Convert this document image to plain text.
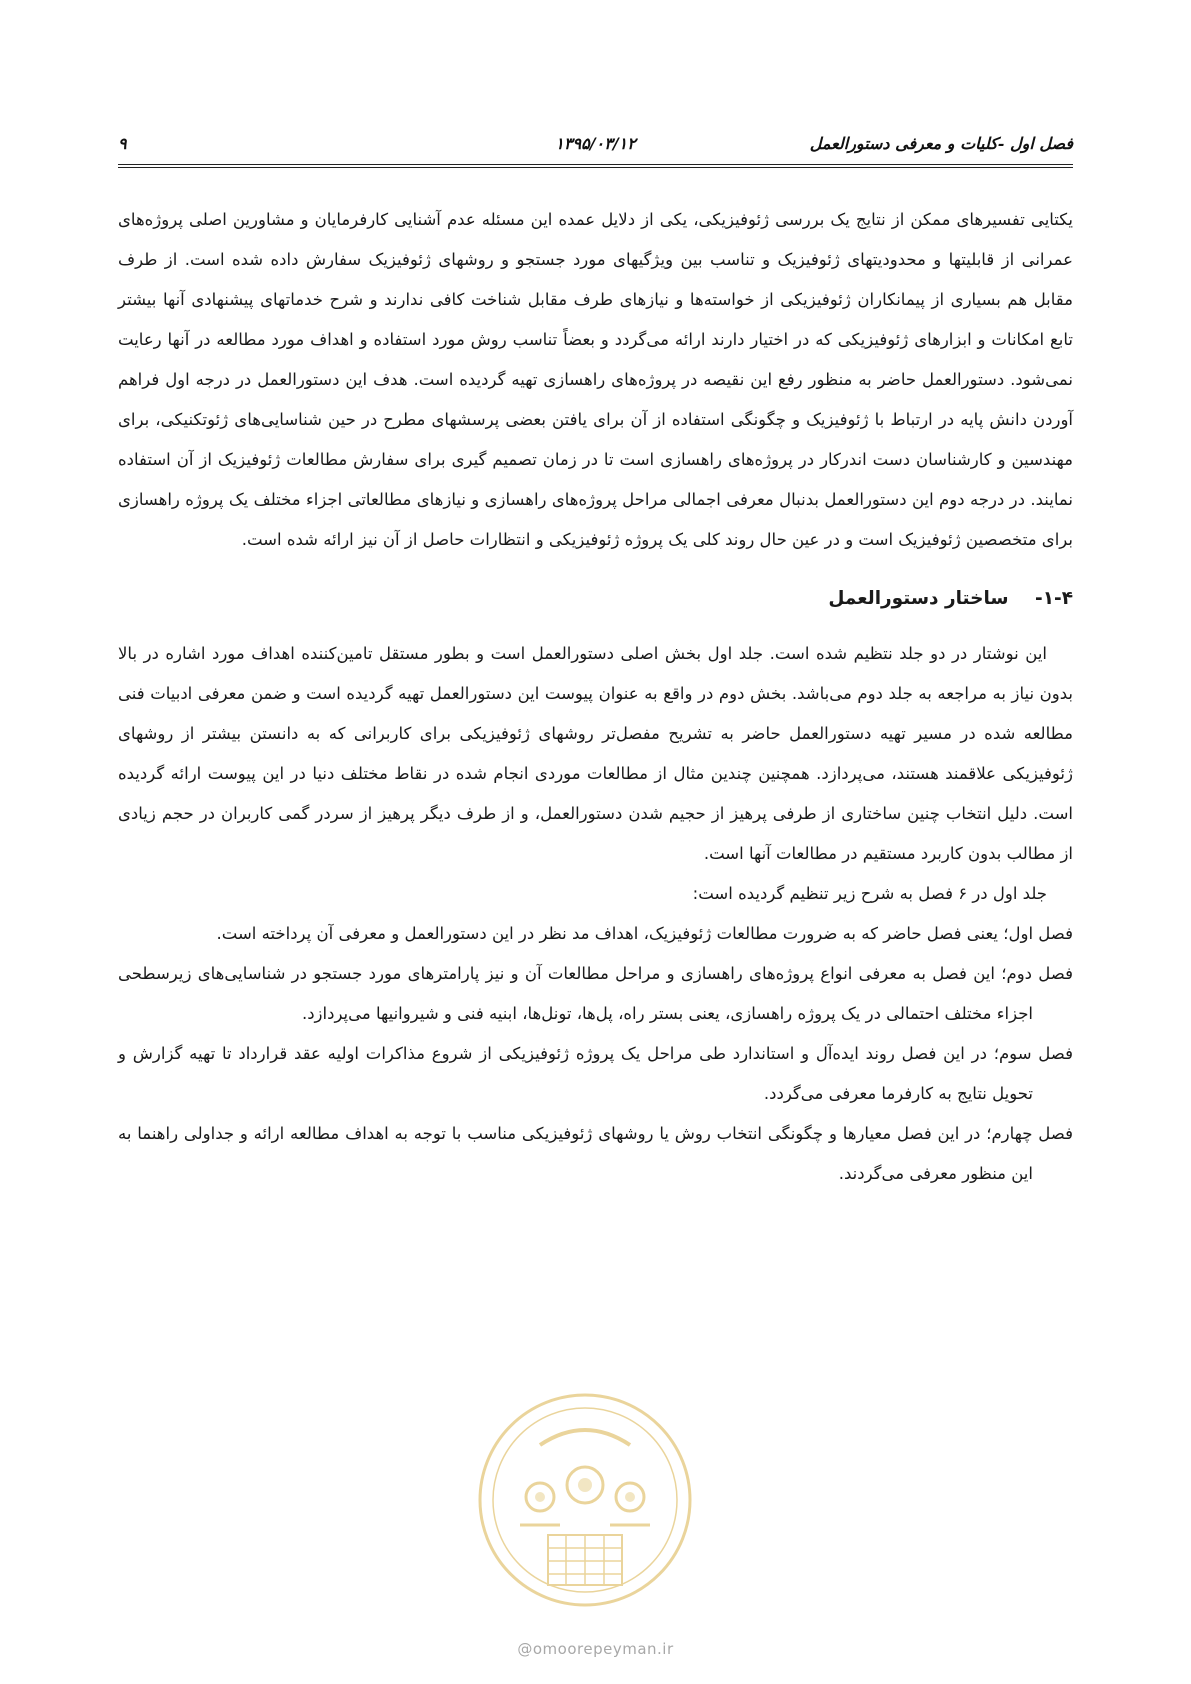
فصل اول -کلیات و معرفی دستورالعمل
۱۳۹۵/۰۳/۱۲
۹

یکتایی تفسیرهای ممکن از نتایج یک بررسی ژئوفیزیکی، یکی از دلایل عمده این مسئله عدم آشنایی کارفرمایان و مشاورین اصلی پروژه‌های عمرانی از قابلیتها و محدودیتهای ژئوفیزیک و تناسب بین ویژگیهای مورد جستجو و روشهای ژئوفیزیک سفارش داده شده است. از طرف مقابل هم بسیاری از پیمانکاران ژئوفیزیکی از خواسته‌ها و نیازهای طرف مقابل شناخت کافی ندارند و شرح خدماتهای پیشنهادی آنها بیشتر تابع امکانات و ابزارهای ژئوفیزیکی که در اختیار دارند ارائه می‌گردد و بعضاً تناسب روش مورد استفاده و اهداف مورد مطالعه در آنها رعایت نمی‌شود. دستورالعمل حاضر به منظور رفع این نقیصه در پروژه‌های راهسازی تهیه گردیده است. هدف این دستورالعمل در درجه اول فراهم آوردن دانش پایه در ارتباط با ژئوفیزیک و چگونگی استفاده از آن برای یافتن بعضی پرسشهای مطرح در حین شناسایی‌های ژئوتکنیکی، برای مهندسین و کارشناسان دست اندرکار در پروژه‌های راهسازی است تا در زمان تصمیم گیری برای سفارش مطالعات ژئوفیزیک از آن استفاده نمایند. در درجه دوم این دستورالعمل بدنبال معرفی اجمالی مراحل پروژه‌های راهسازی و نیازهای مطالعاتی اجزاء مختلف یک پروژه راهسازی برای متخصصین ژئوفیزیک است و در عین حال روند کلی یک پروژه ژئوفیزیکی و انتظارات حاصل از آن نیز ارائه شده است.

۱-۴- ساختار دستورالعمل

این نوشتار در دو جلد نتظیم شده است. جلد اول بخش اصلی دستورالعمل است و بطور مستقل تامین‌کننده اهداف مورد اشاره در بالا بدون نیاز به مراجعه به جلد دوم می‌باشد. بخش دوم در واقع به عنوان پیوست این دستورالعمل تهیه گردیده است و ضمن معرفی ادبیات فنی مطالعه شده در مسیر تهیه دستورالعمل حاضر به تشریح مفصل‌تر روشهای ژئوفیزیکی برای کاربرانی که به دانستن بیشتر از روشهای ژئوفیزیکی علاقمند هستند، می‌پردازد. همچنین چندین مثال از مطالعات موردی انجام شده در نقاط مختلف دنیا در این پیوست ارائه گردیده است. دلیل انتخاب چنین ساختاری از طرفی پرهیز از حجیم شدن دستورالعمل، و از طرف دیگر پرهیز از سردر گمی کاربران در حجم زیادی از مطالب بدون کاربرد مستقیم در مطالعات آنها است.

جلد اول در ۶ فصل به شرح زیر تنظیم گردیده است:

فصل اول؛ یعنی فصل حاضر که به ضرورت مطالعات ژئوفیزیک، اهداف مد نظر در این دستورالعمل و معرفی آن پرداخته است.

فصل دوم؛ این فصل به معرفی انواع پروژه‌های راهسازی و مراحل مطالعات آن و نیز پارامترهای مورد جستجو در شناسایی‌های زیرسطحی اجزاء مختلف احتمالی در یک پروژه راهسازی، یعنی بستر راه، پل‌ها، تونل‌ها، ابنیه فنی و شیروانیها می‌پردازد.

فصل سوم؛ در این فصل روند ایده‌آل و استاندارد طی مراحل یک پروژه ژئوفیزیکی از شروع مذاکرات اولیه عقد قرارداد تا تهیه گزارش و تحویل نتایج به کارفرما معرفی می‌گردد.

فصل چهارم؛ در این فصل معیارها و چگونگی انتخاب روش یا روشهای ژئوفیزیکی مناسب با توجه به اهداف مطالعه ارائه و جداولی راهنما به این منظور معرفی می‌گردند.

@omoorepeyman.ir
